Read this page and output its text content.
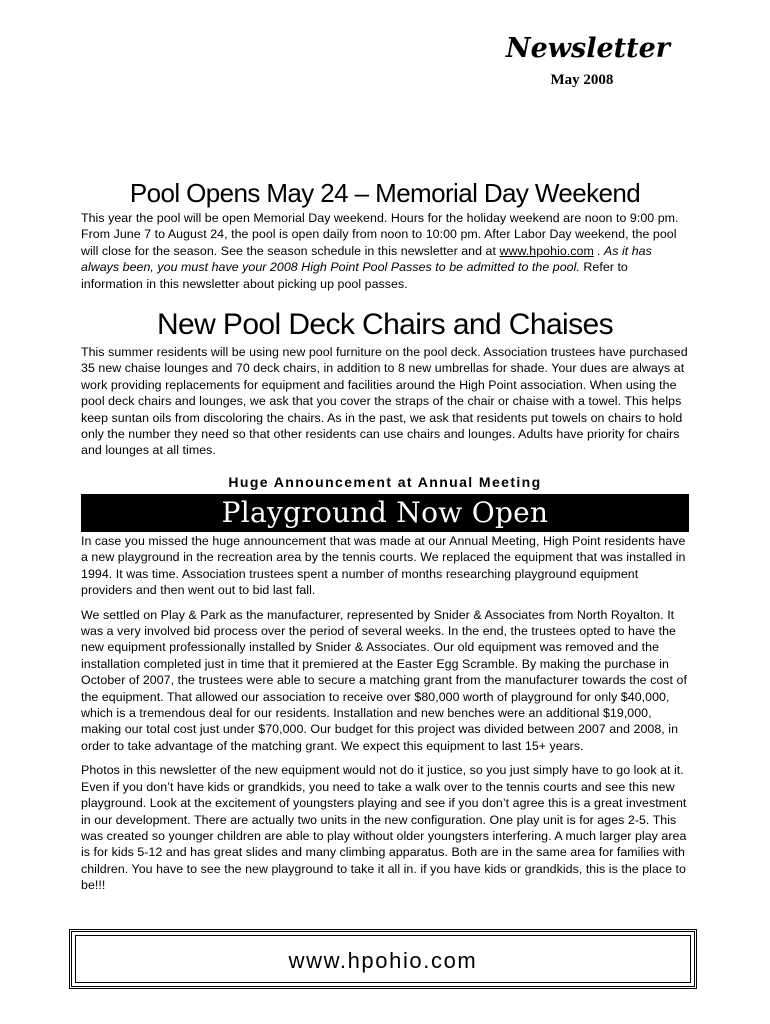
Newsletter
May 2008
Pool Opens May 24 – Memorial Day Weekend

This year the pool will be open Memorial Day weekend. Hours for the holiday weekend are noon to 9:00 pm. From June 7 to August 24, the pool is open daily from noon to 10:00 pm. After Labor Day weekend, the pool will close for the season. See the season schedule in this newsletter and at www.hpohio.com . As it has always been, you must have your 2008 High Point Pool Passes to be admitted to the pool. Refer to information in this newsletter about picking up pool passes.

New Pool Deck Chairs and Chaises

This summer residents will be using new pool furniture on the pool deck. Association trustees have purchased 35 new chaise lounges and 70 deck chairs, in addition to 8 new umbrellas for shade. Your dues are always at work providing replacements for equipment and facilities around the High Point association. When using the pool deck chairs and lounges, we ask that you cover the straps of the chair or chaise with a towel. This helps keep suntan oils from discoloring the chairs. As in the past, we ask that residents put towels on chairs to hold only the number they need so that other residents can use chairs and lounges. Adults have priority for chairs and lounges at all times.

Huge Announcement at Annual Meeting

Playground Now Open

In case you missed the huge announcement that was made at our Annual Meeting, High Point residents have a new playground in the recreation area by the tennis courts. We replaced the equipment that was installed in 1994. It was time. Association trustees spent a number of months researching playground equipment providers and then went out to bid last fall.

We settled on Play & Park as the manufacturer, represented by Snider & Associates from North Royalton. It was a very involved bid process over the period of several weeks. In the end, the trustees opted to have the new equipment professionally installed by Snider & Associates. Our old equipment was removed and the installation completed just in time that it premiered at the Easter Egg Scramble. By making the purchase in October of 2007, the trustees were able to secure a matching grant from the manufacturer towards the cost of the equipment. That allowed our association to receive over $80,000 worth of playground for only $40,000, which is a tremendous deal for our residents. Installation and new benches were an additional $19,000, making our total cost just under $70,000. Our budget for this project was divided between 2007 and 2008, in order to take advantage of the matching grant. We expect this equipment to last 15+ years.

Photos in this newsletter of the new equipment would not do it justice, so you just simply have to go look at it. Even if you don’t have kids or grandkids, you need to take a walk over to the tennis courts and see this new playground. Look at the excitement of youngsters playing and see if you don’t agree this is a great investment in our development. There are actually two units in the new configuration. One play unit is for ages 2-5. This was created so younger children are able to play without older youngsters interfering. A much larger play area is for kids 5-12 and has great slides and many climbing apparatus. Both are in the same area for families with children. You have to see the new playground to take it all in. if you have kids or grandkids, this is the place to be!!!

www.hpohio.com
